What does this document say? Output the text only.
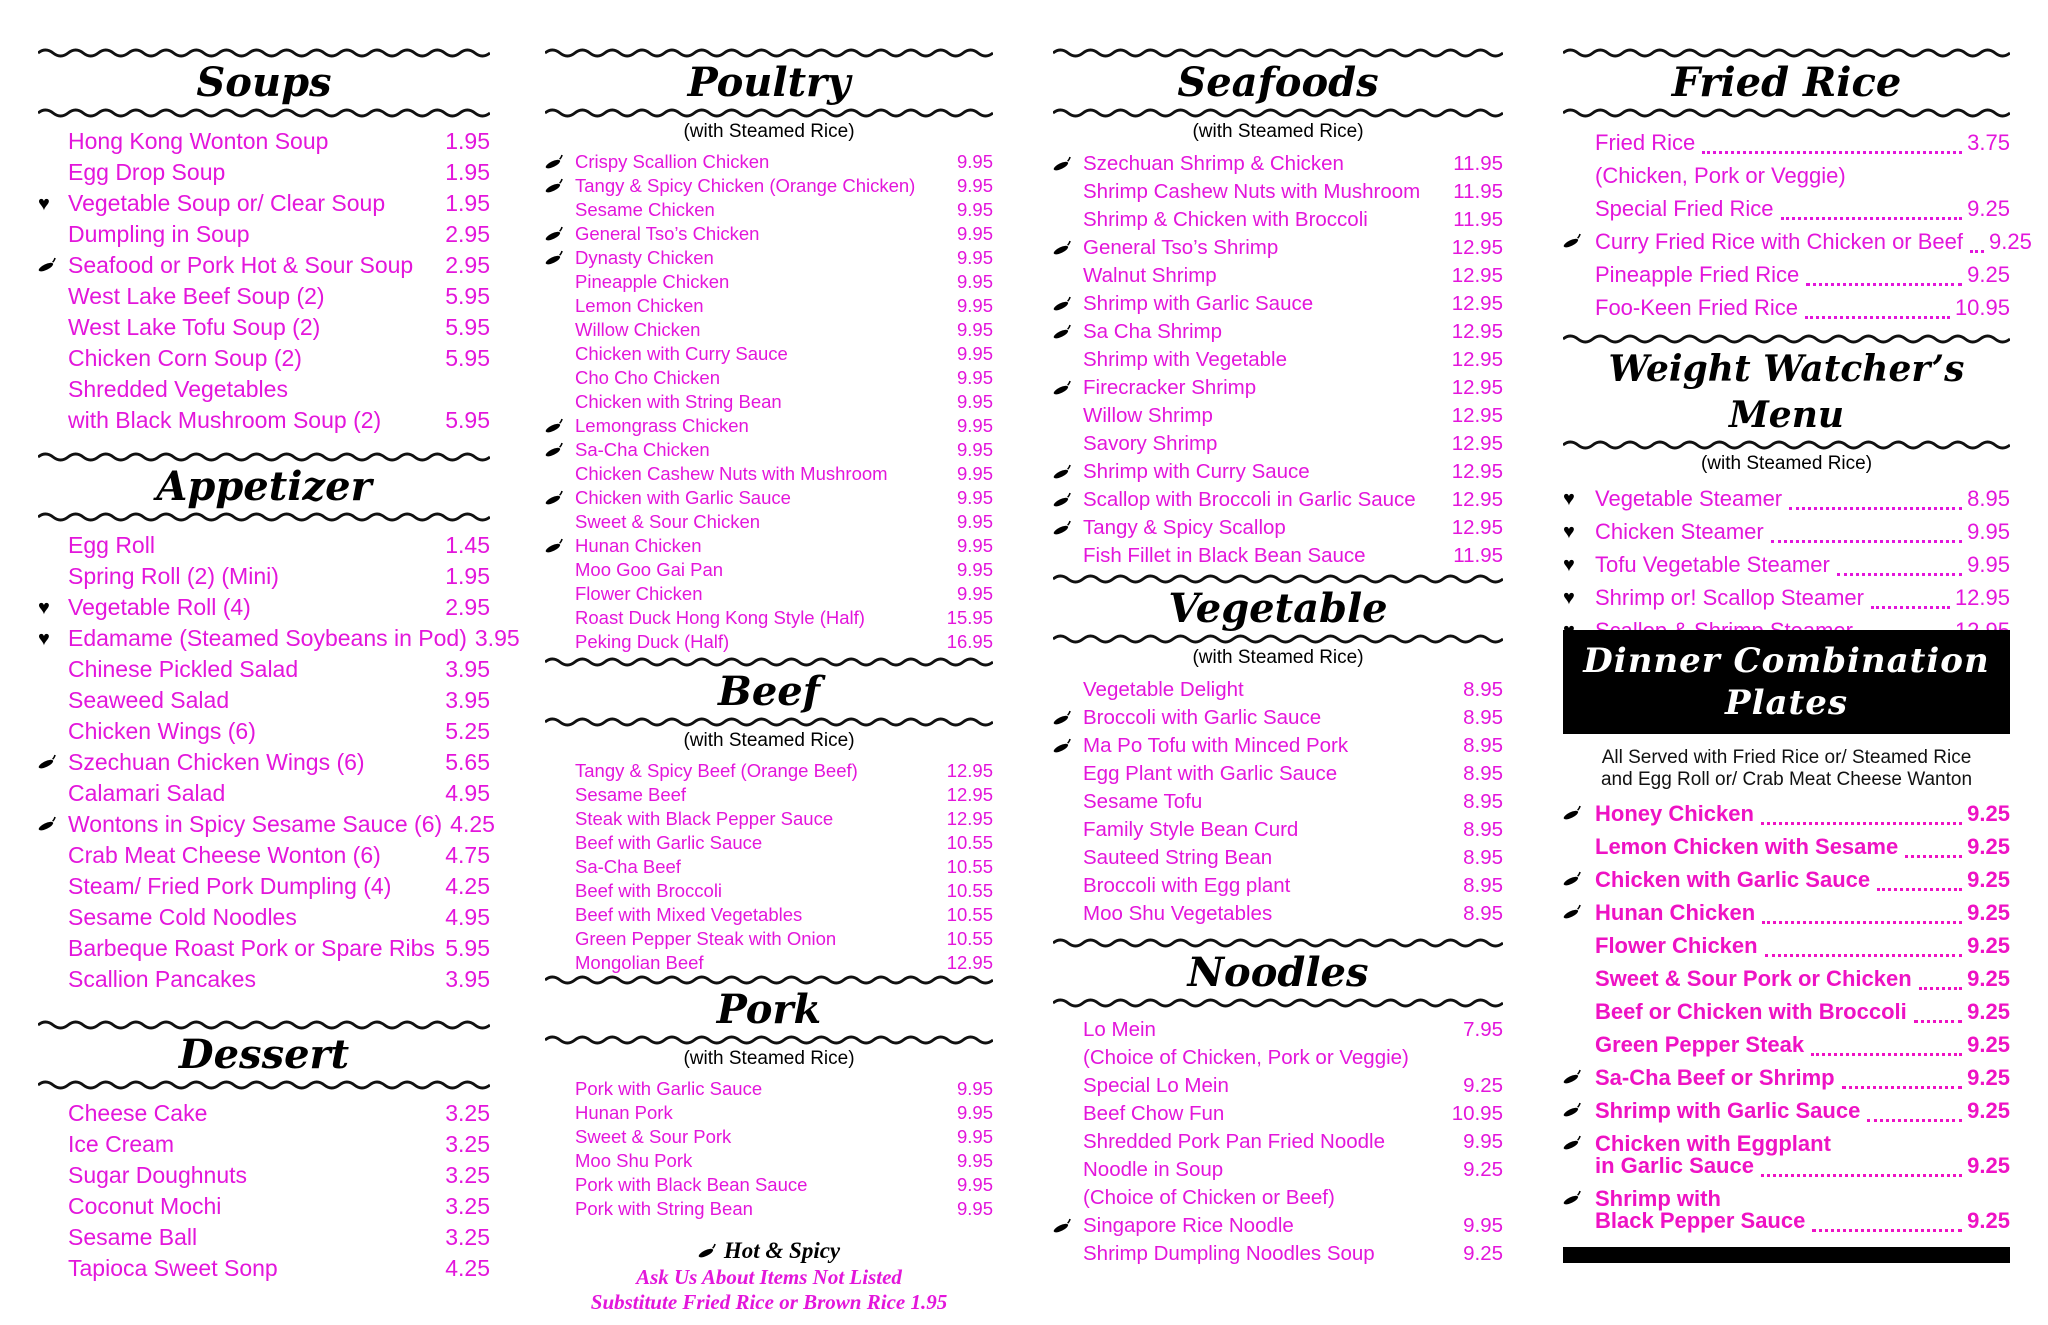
Soups
Hong Kong Wonton Soup	1.95
Egg Drop Soup	1.95
♥ Vegetable Soup or/ Clear Soup	1.95
Dumpling in Soup	2.95
Seafood or Pork Hot & Sour Soup	2.95
West Lake Beef Soup (2)	5.95
West Lake Tofu Soup (2)	5.95
Chicken Corn Soup (2)	5.95
Shredded Vegetables
with Black Mushroom Soup (2)	5.95
Appetizer
Egg Roll	1.45
Spring Roll (2) (Mini)	1.95
♥ Vegetable Roll (4)	2.95
♥ Edamame (Steamed Soybeans in Pod) 3.95
Chinese Pickled Salad	3.95
Seaweed Salad	3.95
Chicken Wings (6)	5.25
Szechuan Chicken Wings (6)	5.65
Calamari Salad	4.95
Wontons in Spicy Sesame Sauce (6) 4.25
Crab Meat Cheese Wonton (6)	4.75
Steam/ Fried Pork Dumpling (4)	4.25
Sesame Cold Noodles	4.95
Barbeque Roast Pork or Spare Ribs 5.95
Scallion Pancakes	3.95
Dessert
Cheese Cake	3.25
Ice Cream	3.25
Sugar Doughnuts	3.25
Coconut Mochi	3.25
Sesame Ball	3.25
Tapioca Sweet Sonp	4.25
Poultry
(with Steamed Rice)
Crispy Scallion Chicken	9.95
Tangy & Spicy Chicken (Orange Chicken)	9.95
Sesame Chicken	9.95
General Tso’s Chicken	9.95
Dynasty Chicken	9.95
Pineapple Chicken	9.95
Lemon Chicken	9.95
Willow Chicken	9.95
Chicken with Curry Sauce	9.95
Cho Cho Chicken	9.95
Chicken with String Bean	9.95
Lemongrass Chicken	9.95
Sa-Cha Chicken	9.95
Chicken Cashew Nuts with Mushroom	9.95
Chicken with Garlic Sauce	9.95
Sweet & Sour Chicken	9.95
Hunan Chicken	9.95
Moo Goo Gai Pan	9.95
Flower Chicken	9.95
Roast Duck Hong Kong Style (Half)	15.95
Peking Duck (Half)	16.95
Beef
(with Steamed Rice)
Tangy & Spicy Beef (Orange Beef)	12.95
Sesame Beef	12.95
Steak with Black Pepper Sauce	12.95
Beef with Garlic Sauce	10.55
Sa-Cha Beef	10.55
Beef with Broccoli	10.55
Beef with Mixed Vegetables	10.55
Green Pepper Steak with Onion	10.55
Mongolian Beef	12.95
Pork
(with Steamed Rice)
Pork with Garlic Sauce	9.95
Hunan Pork	9.95
Sweet & Sour Pork	9.95
Moo Shu Pork	9.95
Pork with Black Bean Sauce	9.95
Pork with String Bean	9.95
Hot & Spicy
Ask Us About Items Not Listed
Substitute Fried Rice or Brown Rice 1.95
Seafoods
(with Steamed Rice)
Szechuan Shrimp & Chicken	11.95
Shrimp Cashew Nuts with Mushroom	11.95
Shrimp & Chicken with Broccoli	11.95
General Tso’s Shrimp	12.95
Walnut Shrimp	12.95
Shrimp with Garlic Sauce	12.95
Sa Cha Shrimp	12.95
Shrimp with Vegetable	12.95
Firecracker Shrimp	12.95
Willow Shrimp	12.95
Savory Shrimp	12.95
Shrimp with Curry Sauce	12.95
Scallop with Broccoli in Garlic Sauce	12.95
Tangy & Spicy Scallop	12.95
Fish Fillet in Black Bean Sauce	11.95
Vegetable
(with Steamed Rice)
Vegetable Delight	8.95
Broccoli with Garlic Sauce	8.95
Ma Po Tofu with Minced Pork	8.95
Egg Plant with Garlic Sauce	8.95
Sesame Tofu	8.95
Family Style Bean Curd	8.95
Sauteed String Bean	8.95
Broccoli with Egg plant	8.95
Moo Shu Vegetables	8.95
Noodles
Lo Mein	7.95
(Choice of Chicken, Pork or Veggie)
Special Lo Mein	9.25
Beef Chow Fun	10.95
Shredded Pork Pan Fried Noodle	9.95
Noodle in Soup	9.25
(Choice of Chicken or Beef)
Singapore Rice Noodle	9.95
Shrimp Dumpling Noodles Soup	9.25
Fried Rice
Fried Rice	3.75
(Chicken, Pork or Veggie)
Special Fried Rice	9.25
Curry Fried Rice with Chicken or Beef 9.25
Pineapple Fried Rice	9.25
Foo-Keen Fried Rice	10.95
Weight Watcher’s Menu
(with Steamed Rice)
♥ Vegetable Steamer	8.95
♥ Chicken Steamer	9.95
♥ Tofu Vegetable Steamer	9.95
♥ Shrimp or! Scallop Steamer	12.95
Dinner Combination Plates
All Served with Fried Rice or/ Steamed Rice
and Egg Roll or/ Crab Meat Cheese Wanton
Honey Chicken	9.25
Lemon Chicken with Sesame	9.25
Chicken with Garlic Sauce	9.25
Hunan Chicken	9.25
Flower Chicken	9.25
Sweet & Sour Pork or Chicken	9.25
Beef or Chicken with Broccoli	9.25
Green Pepper Steak	9.25
Sa-Cha Beef or Shrimp	9.25
Shrimp with Garlic Sauce	9.25
Chicken with Eggplant
in Garlic Sauce	9.25
Shrimp with
Black Pepper Sauce	9.25
